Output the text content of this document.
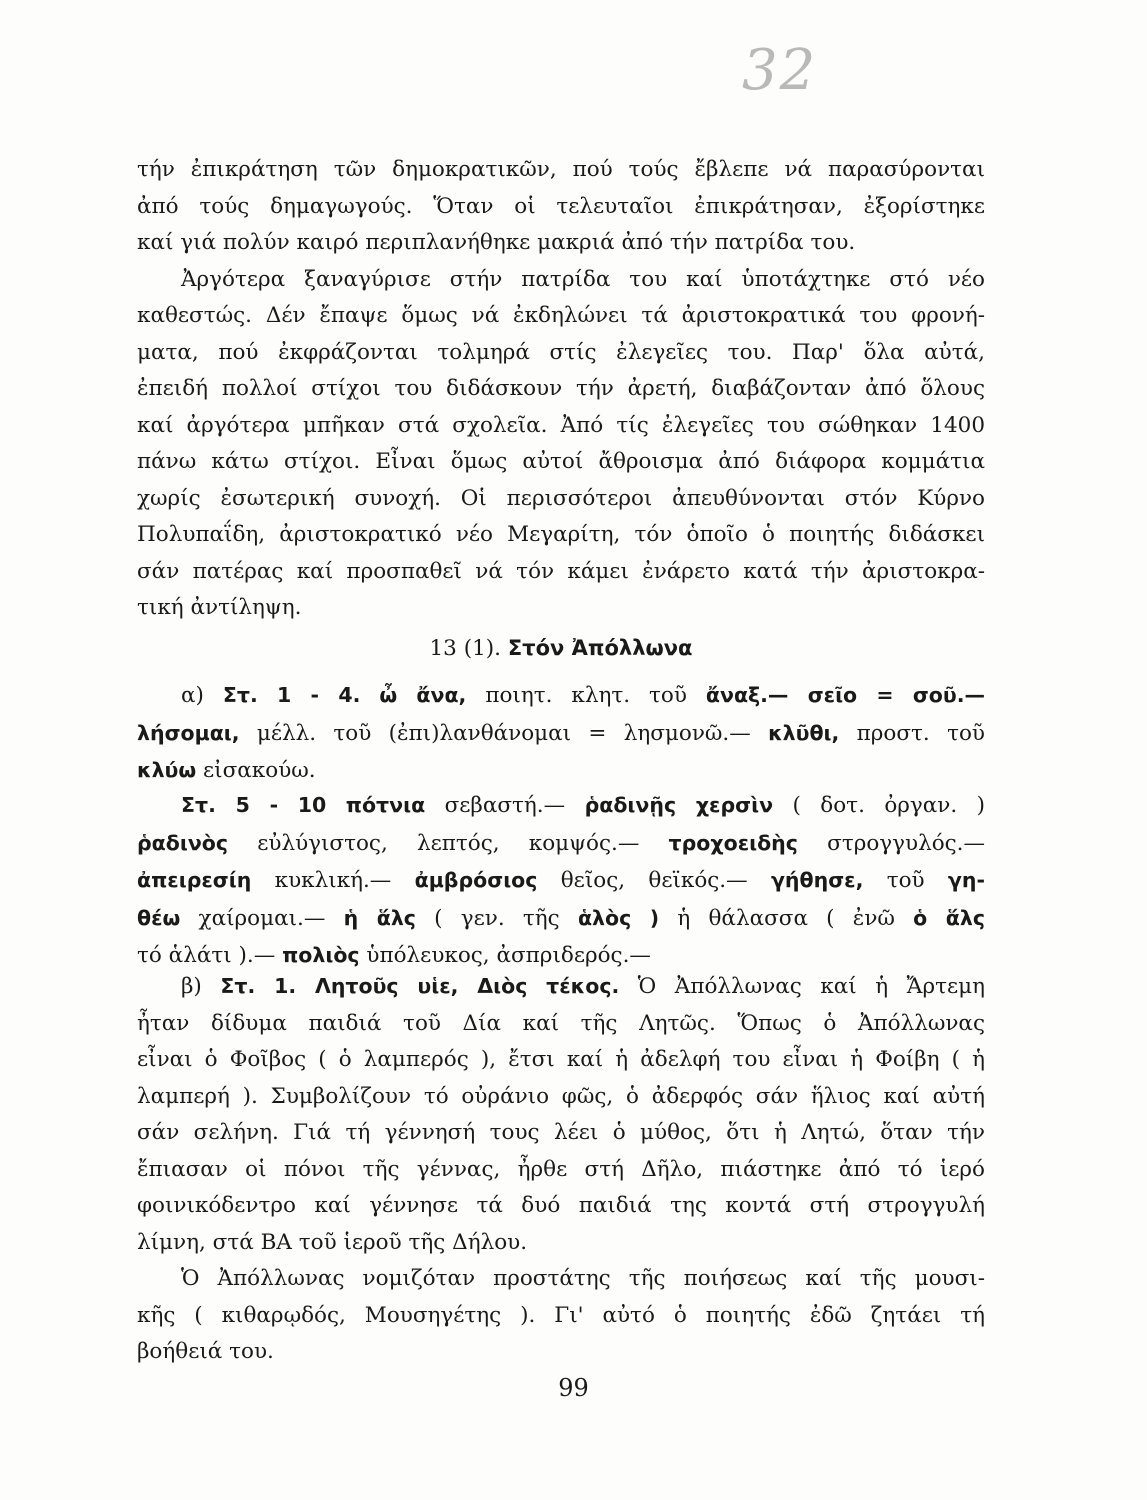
32
τήν ἐπικράτηση τῶν δημοκρατικῶν, πού τούς ἔβλεπε νά παρασύρονται
ἀπό τούς δημαγωγούς. Ὅταν οἱ τελευταῖοι ἐπικράτησαν, ἐξορίστηκε
καί γιά πολύν καιρό περιπλανήθηκε μακριά ἀπό τήν πατρίδα του.
Ἀργότερα ξαναγύρισε στήν πατρίδα του καί ὑποτάχτηκε στό νέο
καθεστώς. Δέν ἔπαψε ὅμως νά ἐκδηλώνει τά ἀριστοκρατικά του φρονή-
ματα, πού ἐκφράζονται τολμηρά στίς ἐλεγεῖες του. Παρ' ὅλα αὐτά,
ἐπειδή πολλοί στίχοι του διδάσκουν τήν ἀρετή, διαβάζονταν ἀπό ὅλους
καί ἀργότερα μπῆκαν στά σχολεῖα. Ἀπό τίς ἐλεγεῖες του σώθηκαν 1400
πάνω κάτω στίχοι. Εἶναι ὅμως αὐτοί ἄθροισμα ἀπό διάφορα κομμάτια
χωρίς ἐσωτερική συνοχή. Οἱ περισσότεροι ἀπευθύνονται στόν Κύρνο
Πολυπαΐδη, ἀριστοκρατικό νέο Μεγαρίτη, τόν ὁποῖο ὁ ποιητής διδάσκει
σάν πατέρας καί προσπαθεῖ νά τόν κάμει ἐνάρετο κατά τήν ἀριστοκρα-
τική ἀντίληψη.

13 (1). Στόν Ἀπόλλωνα

α) Στ. 1 - 4. ὦ ἄνα, ποιητ. κλητ. τοῦ ἄναξ.— σεῖο = σοῦ.—
λήσομαι, μέλλ. τοῦ (ἐπι)λανθάνομαι = λησμονῶ.— κλῦθι, προστ. τοῦ
κλύω εἰσακούω.
Στ. 5 - 10 πότνια σεβαστή.— ῥαδινῇς χερσὶν ( δοτ. ὀργαν. )
ῥαδινὸς εὐλύγιστος, λεπτός, κομψός.— τροχοειδὴς στρογγυλός.—
ἀπειρεσίη κυκλική.— ἀμβρόσιος θεῖος, θεϊκός.— γήθησε, τοῦ γη-
θέω χαίρομαι.— ἡ ἅλς ( γεν. τῆς ἁλὸς ) ἡ θάλασσα ( ἐνῶ ὁ ἅλς
τό ἁλάτι ).— πολιὸς ὑπόλευκος, ἀσπριδερός.—
β) Στ. 1. Λητοῦς υἱε, Διὸς τέκος. Ὁ Ἀπόλλωνας καί ἡ Ἄρτεμη
ἦταν δίδυμα παιδιά τοῦ Δία καί τῆς Λητῶς. Ὅπως ὁ Ἀπόλλωνας
εἶναι ὁ Φοῖβος ( ὁ λαμπερός ), ἔτσι καί ἡ ἀδελφή του εἶναι ἡ Φοίβη ( ἡ
λαμπερή ). Συμβολίζουν τό οὐράνιο φῶς, ὁ ἀδερφός σάν ἥλιος καί αὐτή
σάν σελήνη. Γιά τή γέννησή τους λέει ὁ μύθος, ὅτι ἡ Λητώ, ὅταν τήν
ἔπιασαν οἱ πόνοι τῆς γέννας, ἦρθε στή Δῆλο, πιάστηκε ἀπό τό ἱερό
φοινικόδεντρο καί γέννησε τά δυό παιδιά της κοντά στή στρογγυλή
λίμνη, στά ΒΑ τοῦ ἱεροῦ τῆς Δήλου.
Ὁ Ἀπόλλωνας νομιζόταν προστάτης τῆς ποιήσεως καί τῆς μουσι-
κῆς ( κιθαρῳδός, Μουσηγέτης ). Γι' αὐτό ὁ ποιητής ἐδῶ ζητάει τή
βοήθειά του.
99
